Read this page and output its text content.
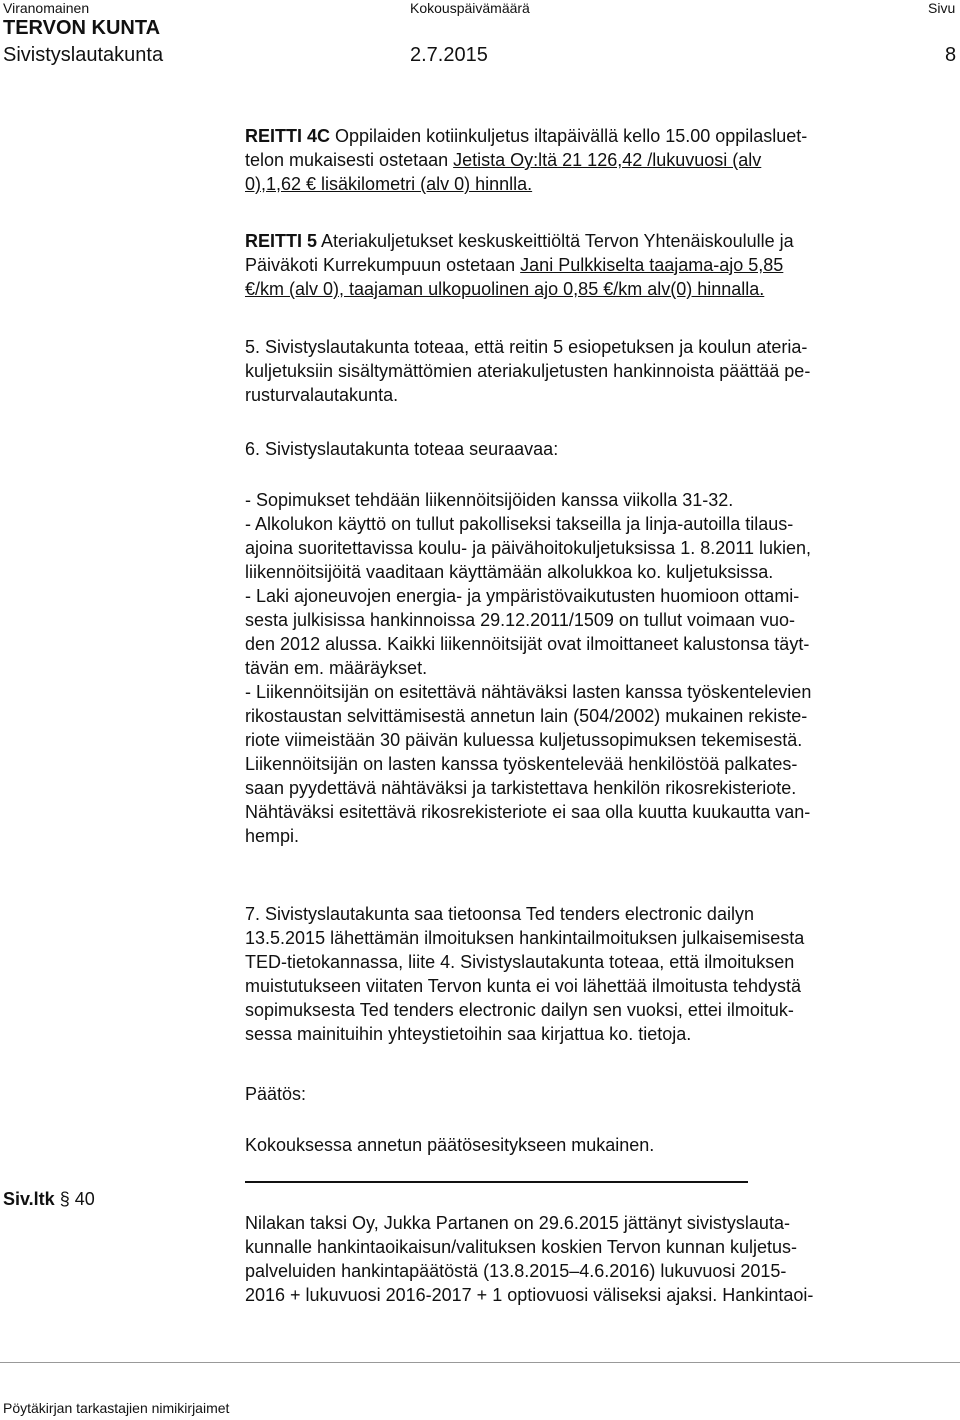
Viranomainen	Kokouspäivämäärä	Sivu
TERVON KUNTA
Sivistyslautakunta	2.7.2015	8
REITTI 4C Oppilaiden kotiinkuljetus iltapäivällä kello 15.00 oppilasluet-
telon mukaisesti ostetaan Jetista Oy:ltä 21 126,42 /lukuvuosi (alv
0),1,62 € lisäkilometri (alv 0) hinnlla.
REITTI 5 Ateriakuljetukset keskuskeittiöltä Tervon Yhtenäiskoululle ja
Päiväkoti Kurrekumpuun ostetaan Jani Pulkkiselta taajama-ajo 5,85
€/km (alv 0), taajaman ulkopuolinen ajo 0,85 €/km alv(0) hinnalla.
5. Sivistyslautakunta toteaa, että reitin 5 esiopetuksen ja koulun ateria-
kuljetuksiin sisältymättömien ateriakuljetusten hankinnoista päättää pe-
rusturvalautakunta.
6. Sivistyslautakunta toteaa seuraavaa:
- Sopimukset tehdään liikennöitsijöiden kanssa viikolla 31-32.
- Alkolukon käyttö on tullut pakolliseksi takseilla ja linja-autoilla tilaus-
ajoina suoritettavissa koulu- ja päivähoitokuljetuksissa 1. 8.2011 lukien,
liikennöitsijöitä vaaditaan käyttämään alkolukkoa ko. kuljetuksissa.
- Laki ajoneuvojen energia- ja ympäristövaikutusten huomioon ottami-
sesta julkisissa hankinnoissa 29.12.2011/1509 on tullut voimaan vuo-
den 2012 alussa. Kaikki liikennöitsijät ovat ilmoittaneet kalustonsa täyt-
tävän em. määräykset.
- Liikennöitsijän on esitettävä nähtäväksi lasten kanssa työskentelevien
rikostaustan selvittämisestä annetun lain (504/2002) mukainen rekiste-
riote viimeistään 30 päivän kuluessa kuljetussopimuksen tekemisestä.
Liikennöitsijän on lasten kanssa työskentelevää henkilöstöä palkates-
saan pyydettävä nähtäväksi ja tarkistettava henkilön rikosrekisteriote.
Nähtäväksi esitettävä rikosrekisteriote ei saa olla kuutta kuukautta van-
hempi.
7. Sivistyslautakunta saa tietoonsa Ted tenders electronic dailyn
13.5.2015 lähettämän ilmoituksen hankintailmoituksen julkaisemisesta
TED-tietokannassa, liite 4. Sivistyslautakunta toteaa, että ilmoituksen
muistutukseen viitaten Tervon kunta ei voi lähettää ilmoitusta tehdystä
sopimuksesta Ted tenders electronic dailyn sen vuoksi, ettei ilmoituk-
sessa mainituihin yhteystietoihin saa kirjattua ko. tietoja.
Päätös:
Kokouksessa annetun päätösesitykseen mukainen.
Siv.ltk § 40
Nilakan taksi Oy, Jukka Partanen on 29.6.2015 jättänyt sivistyslauta-
kunnalle hankintaoikaisun/valituksen koskien Tervon kunnan kuljetus-
palveluiden hankintapäätöstä (13.8.2015–4.6.2016) lukuvuosi 2015-
2016 + lukuvuosi 2016-2017 + 1 optiovuosi väliseksi ajaksi. Hankintaoi-
Pöytäkirjan tarkastajien nimikirjaimet
